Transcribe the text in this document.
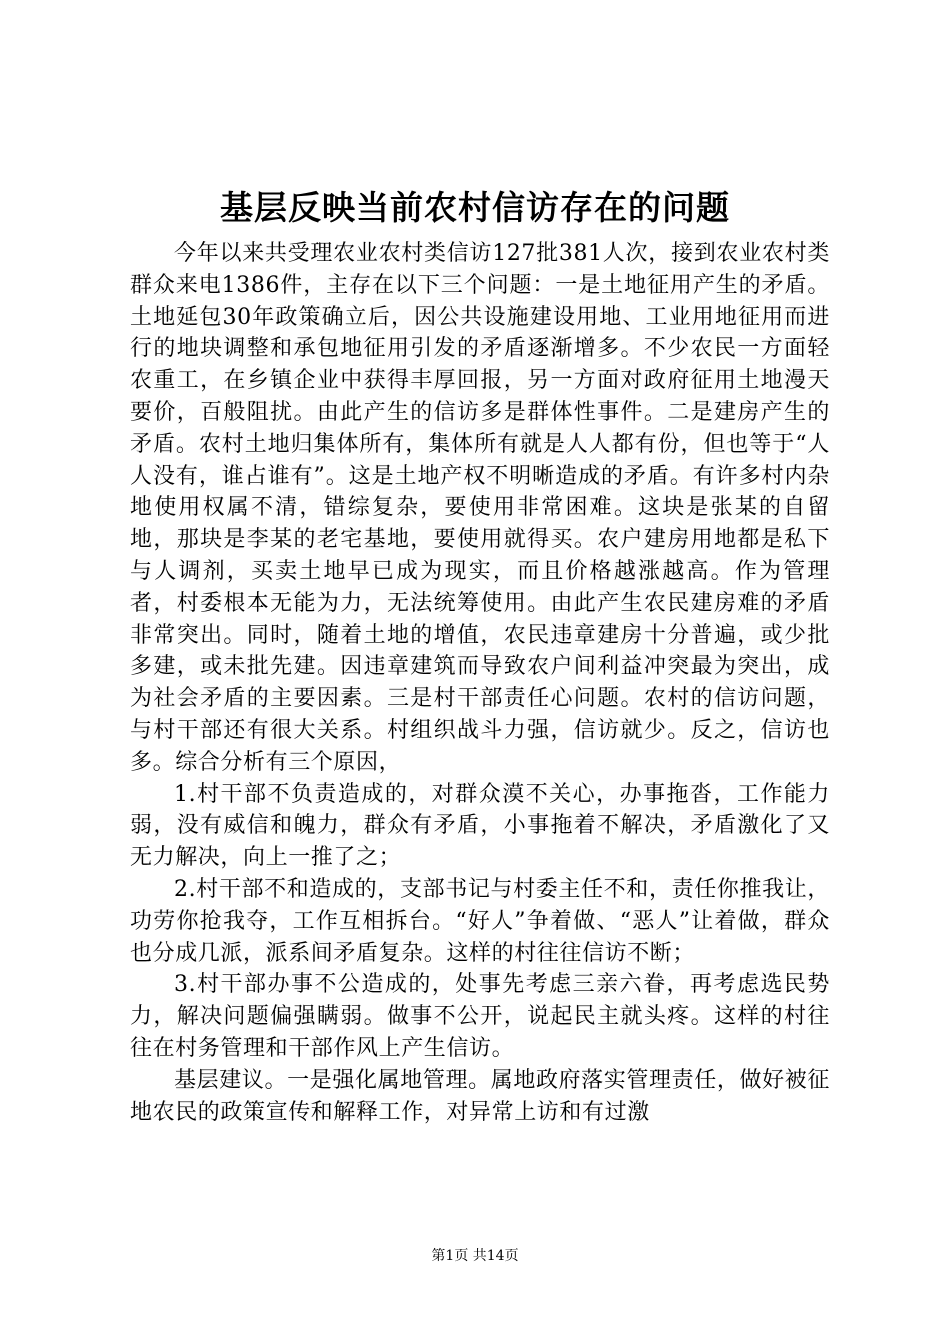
基层反映当前农村信访存在的问题

今年以来共受理农业农村类信访127批381人次，接到农业农村类群众来电1386件，主存在以下三个问题：一是土地征用产生的矛盾。土地延包30年政策确立后，因公共设施建设用地、工业用地征用而进行的地块调整和承包地征用引发的矛盾逐渐增多。不少农民一方面轻农重工，在乡镇企业中获得丰厚回报，另一方面对政府征用土地漫天要价，百般阻扰。由此产生的信访多是群体性事件。二是建房产生的矛盾。农村土地归集体所有，集体所有就是人人都有份，但也等于“人人没有，谁占谁有”。这是土地产权不明晰造成的矛盾。有许多村内杂地使用权属不清，错综复杂，要使用非常困难。这块是张某的自留地，那块是李某的老宅基地，要使用就得买。农户建房用地都是私下与人调剂，买卖土地早已成为现实，而且价格越涨越高。作为管理者，村委根本无能为力，无法统筹使用。由此产生农民建房难的矛盾非常突出。同时，随着土地的增值，农民违章建房十分普遍，或少批多建，或未批先建。因违章建筑而导致农户间利益冲突最为突出，成为社会矛盾的主要因素。三是村干部责任心问题。农村的信访问题，与村干部还有很大关系。村组织战斗力强，信访就少。反之，信访也多。综合分析有三个原因，

1.村干部不负责造成的，对群众漠不关心，办事拖沓，工作能力弱，没有威信和魄力，群众有矛盾，小事拖着不解决，矛盾激化了又无力解决，向上一推了之；

2.村干部不和造成的，支部书记与村委主任不和，责任你推我让，功劳你抢我夺，工作互相拆台。“好人”争着做、“恶人”让着做，群众也分成几派，派系间矛盾复杂。这样的村往往信访不断；

3.村干部办事不公造成的，处事先考虑三亲六眷，再考虑选民势力，解决问题偏强瞒弱。做事不公开，说起民主就头疼。这样的村往往在村务管理和干部作风上产生信访。

基层建议。一是强化属地管理。属地政府落实管理责任，做好被征地农民的政策宣传和解释工作，对异常上访和有过激

第1页 共14页
